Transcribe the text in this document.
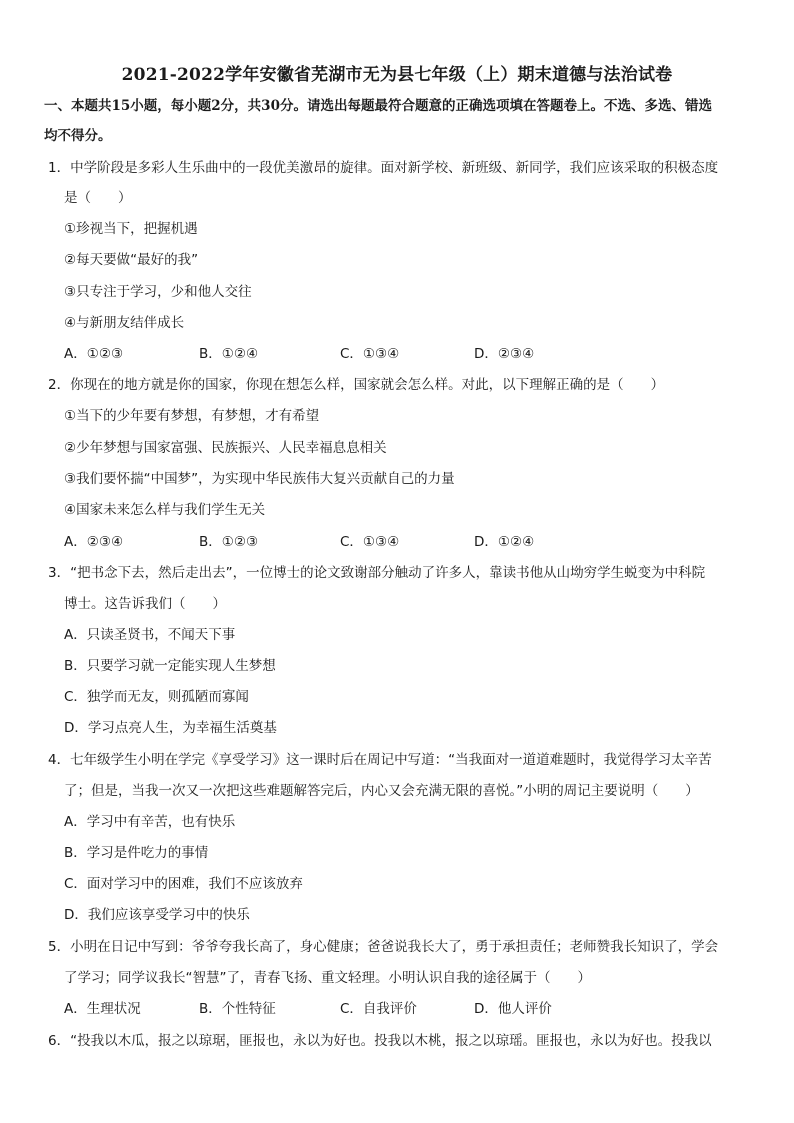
2021-2022学年安徽省芜湖市无为县七年级（上）期末道德与法治试卷
一、本题共15小题，每小题2分，共30分。请选出每题最符合题意的正确选项填在答题卷上。不选、多选、错选
均不得分。
1．中学阶段是多彩人生乐曲中的一段优美激昂的旋律。面对新学校、新班级、新同学，我们应该采取的积极态度
是（　　）
①珍视当下，把握机遇
②每天要做“最好的我”
③只专注于学习，少和他人交往
④与新朋友结伴成长
A．①②③	B．①②④	C．①③④	D．②③④
2．你现在的地方就是你的国家，你现在想怎么样，国家就会怎么样。对此，以下理解正确的是（　　）
①当下的少年要有梦想，有梦想，才有希望
②少年梦想与国家富强、民族振兴、人民幸福息息相关
③我们要怀揣“中国梦”，为实现中华民族伟大复兴贡献自己的力量
④国家未来怎么样与我们学生无关
A．②③④	B．①②③	C．①③④	D．①②④
3．“把书念下去，然后走出去”，一位博士的论文致谢部分触动了许多人，靠读书他从山坳穷学生蜕变为中科院
博士。这告诉我们（　　）
A．只读圣贤书，不闻天下事
B．只要学习就一定能实现人生梦想
C．独学而无友，则孤陋而寡闻
D．学习点亮人生，为幸福生活奠基
4．七年级学生小明在学完《享受学习》这一课时后在周记中写道：“当我面对一道道难题时，我觉得学习太辛苦
了；但是，当我一次又一次把这些难题解答完后，内心又会充满无限的喜悦。”小明的周记主要说明（　　）
A．学习中有辛苦，也有快乐
B．学习是件吃力的事情
C．面对学习中的困难，我们不应该放弃
D．我们应该享受学习中的快乐
5．小明在日记中写到：爷爷夸我长高了，身心健康；爸爸说我长大了，勇于承担责任；老师赞我长知识了，学会
了学习；同学议我长“智慧”了，青春飞扬、重文轻理。小明认识自我的途径属于（　　）
A．生理状况	B．个性特征	C．自我评价	D．他人评价
6．“投我以木瓜，报之以琼琚，匪报也，永以为好也。投我以木桃，报之以琼瑶。匪报也，永以为好也。投我以
